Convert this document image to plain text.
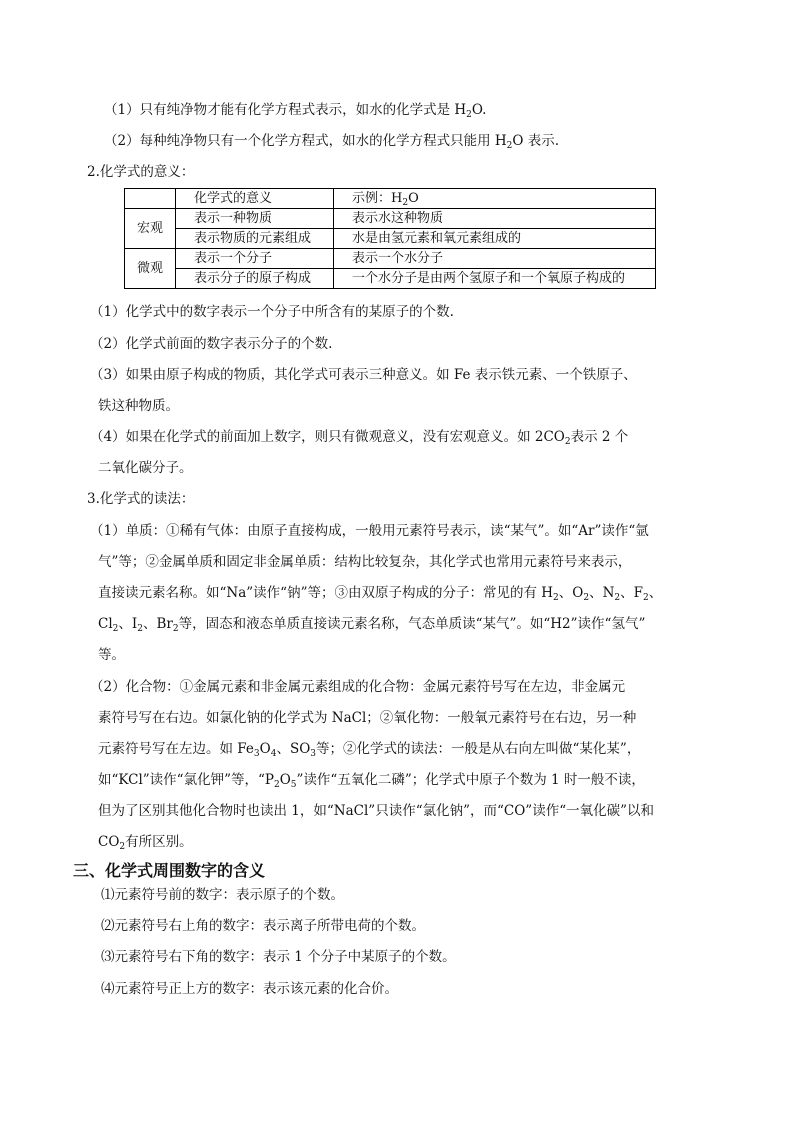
（1）只有纯净物才能有化学方程式表示，如水的化学式是 $H_2O$.
（2）每种纯净物只有一个化学方程式，如水的化学方程式只能用 $H_2O$ 表示.
2.化学式的意义：
	化学式的意义	示例：$H_2O$
宏观	表示一种物质	表示水这种物质
	表示物质的元素组成	水是由氢元素和氧元素组成的
微观	表示一个分子	表示一个水分子
	表示分子的原子构成	一个水分子是由两个氢原子和一个氧原子构成的
（1）化学式中的数字表示一个分子中所含有的某原子的个数.
（2）化学式前面的数字表示分子的个数.
（3）如果由原子构成的物质，其化学式可表示三种意义。如 Fe 表示铁元素、一个铁原子、
铁这种物质。
（4）如果在化学式的前面加上数字，则只有微观意义，没有宏观意义。如 $2CO_2$表示 2 个
二氧化碳分子。
3.化学式的读法：
（1）单质：①稀有气体：由原子直接构成，一般用元素符号表示，读“某气”。如“Ar”读作“氩
气”等；②金属单质和固定非金属单质：结构比较复杂，其化学式也常用元素符号来表示，
直接读元素名称。如“Na”读作“钠”等；③由双原子构成的分子：常见的有 $H_2$、$O_2$、$N_2$、$F_2$、
$Cl_2$、$I_2$、$Br_2$等，固态和液态单质直接读元素名称，气态单质读“某气”。如“H2”读作“氢气”
等。
（2）化合物：①金属元素和非金属元素组成的化合物：金属元素符号写在左边，非金属元
素符号写在右边。如氯化钠的化学式为 NaCl；②氧化物：一般氧元素符号在右边，另一种
元素符号写在左边。如 $Fe_3O_4$、$SO_3$等；②化学式的读法：一般是从右向左叫做“某化某”，
如“KCl”读作“氯化钾”等，“$P_2O_5$”读作“五氧化二磷”；化学式中原子个数为 1 时一般不读，
但为了区别其他化合物时也读出 1，如“NaCl”只读作“氯化钠”，而“CO”读作“一氧化碳”以和
$CO_2$有所区别。
三、化学式周围数字的含义
⑴元素符号前的数字：表示原子的个数。
⑵元素符号右上角的数字：表示离子所带电荷的个数。
⑶元素符号右下角的数字：表示 1 个分子中某原子的个数。
⑷元素符号正上方的数字：表示该元素的化合价。
